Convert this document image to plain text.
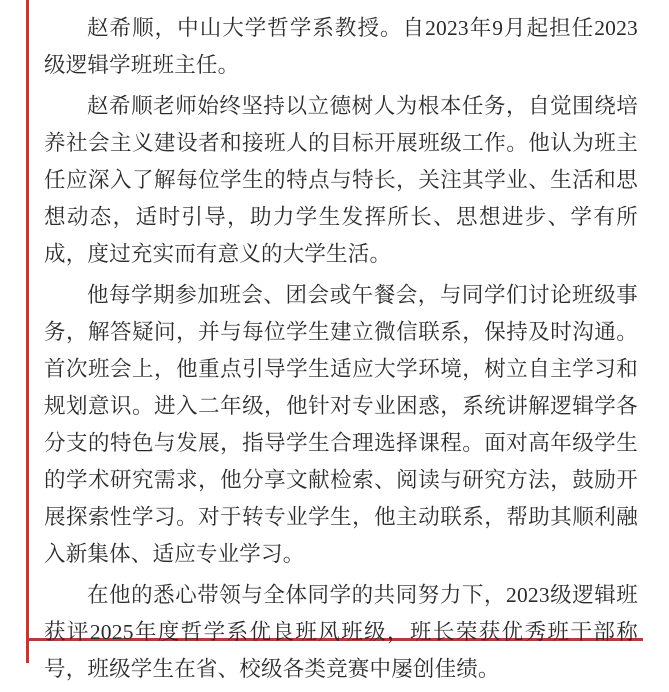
赵希顺，中山大学哲学系教授。自2023年9月起担任2023级逻辑学班班主任。

赵希顺老师始终坚持以立德树人为根本任务，自觉围绕培养社会主义建设者和接班人的目标开展班级工作。他认为班主任应深入了解每位学生的特点与特长，关注其学业、生活和思想动态，适时引导，助力学生发挥所长、思想进步、学有所成，度过充实而有意义的大学生活。

他每学期参加班会、团会或午餐会，与同学们讨论班级事务，解答疑问，并与每位学生建立微信联系，保持及时沟通。首次班会上，他重点引导学生适应大学环境，树立自主学习和规划意识。进入二年级，他针对专业困惑，系统讲解逻辑学各分支的特色与发展，指导学生合理选择课程。面对高年级学生的学术研究需求，他分享文献检索、阅读与研究方法，鼓励开展探索性学习。对于转专业学生，他主动联系，帮助其顺利融入新集体、适应专业学习。

在他的悉心带领与全体同学的共同努力下，2023级逻辑班获评2025年度哲学系优良班风班级，班长荣获优秀班干部称号，班级学生在省、校级各类竞赛中屡创佳绩。
